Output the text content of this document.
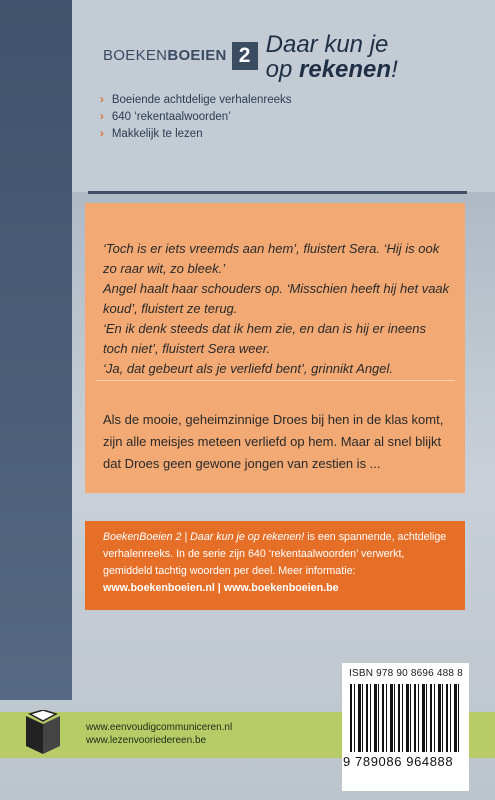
BOEKENBOEIEN 2 Daar kun je
op rekenen!
› Boeiende achtdelige verhalenreeks
› 640 ‘rekentaalwoorden’
› Makkelijk te lezen
‘Toch is er iets vreemds aan hem’, fluistert Sera. ‘Hij is ook zo raar wit, zo bleek.’
Angel haalt haar schouders op. ‘Misschien heeft hij het vaak koud’, fluistert ze terug.
‘En ik denk steeds dat ik hem zie, en dan is hij er ineens toch niet’, fluistert Sera weer.
‘Ja, dat gebeurt als je verliefd bent’, grinnikt Angel.
Als de mooie, geheimzinnige Droes bij hen in de klas komt, zijn alle meisjes meteen verliefd op hem. Maar al snel blijkt dat Droes geen gewone jongen van zestien is ...
BoekenBoeien 2 | Daar kun je op rekenen! is een spannende, achtdelige verhalenreeks. In de serie zijn 640 ‘rekentaalwoorden’ verwerkt, gemiddeld tachtig woorden per deel. Meer informatie:
www.boekenboeien.nl | www.boekenboeien.be
www.eenvoudigcommuniceren.nl
www.lezenvooriedereen.be
ISBN 978 90 8696 488 8
9 789086 964888
